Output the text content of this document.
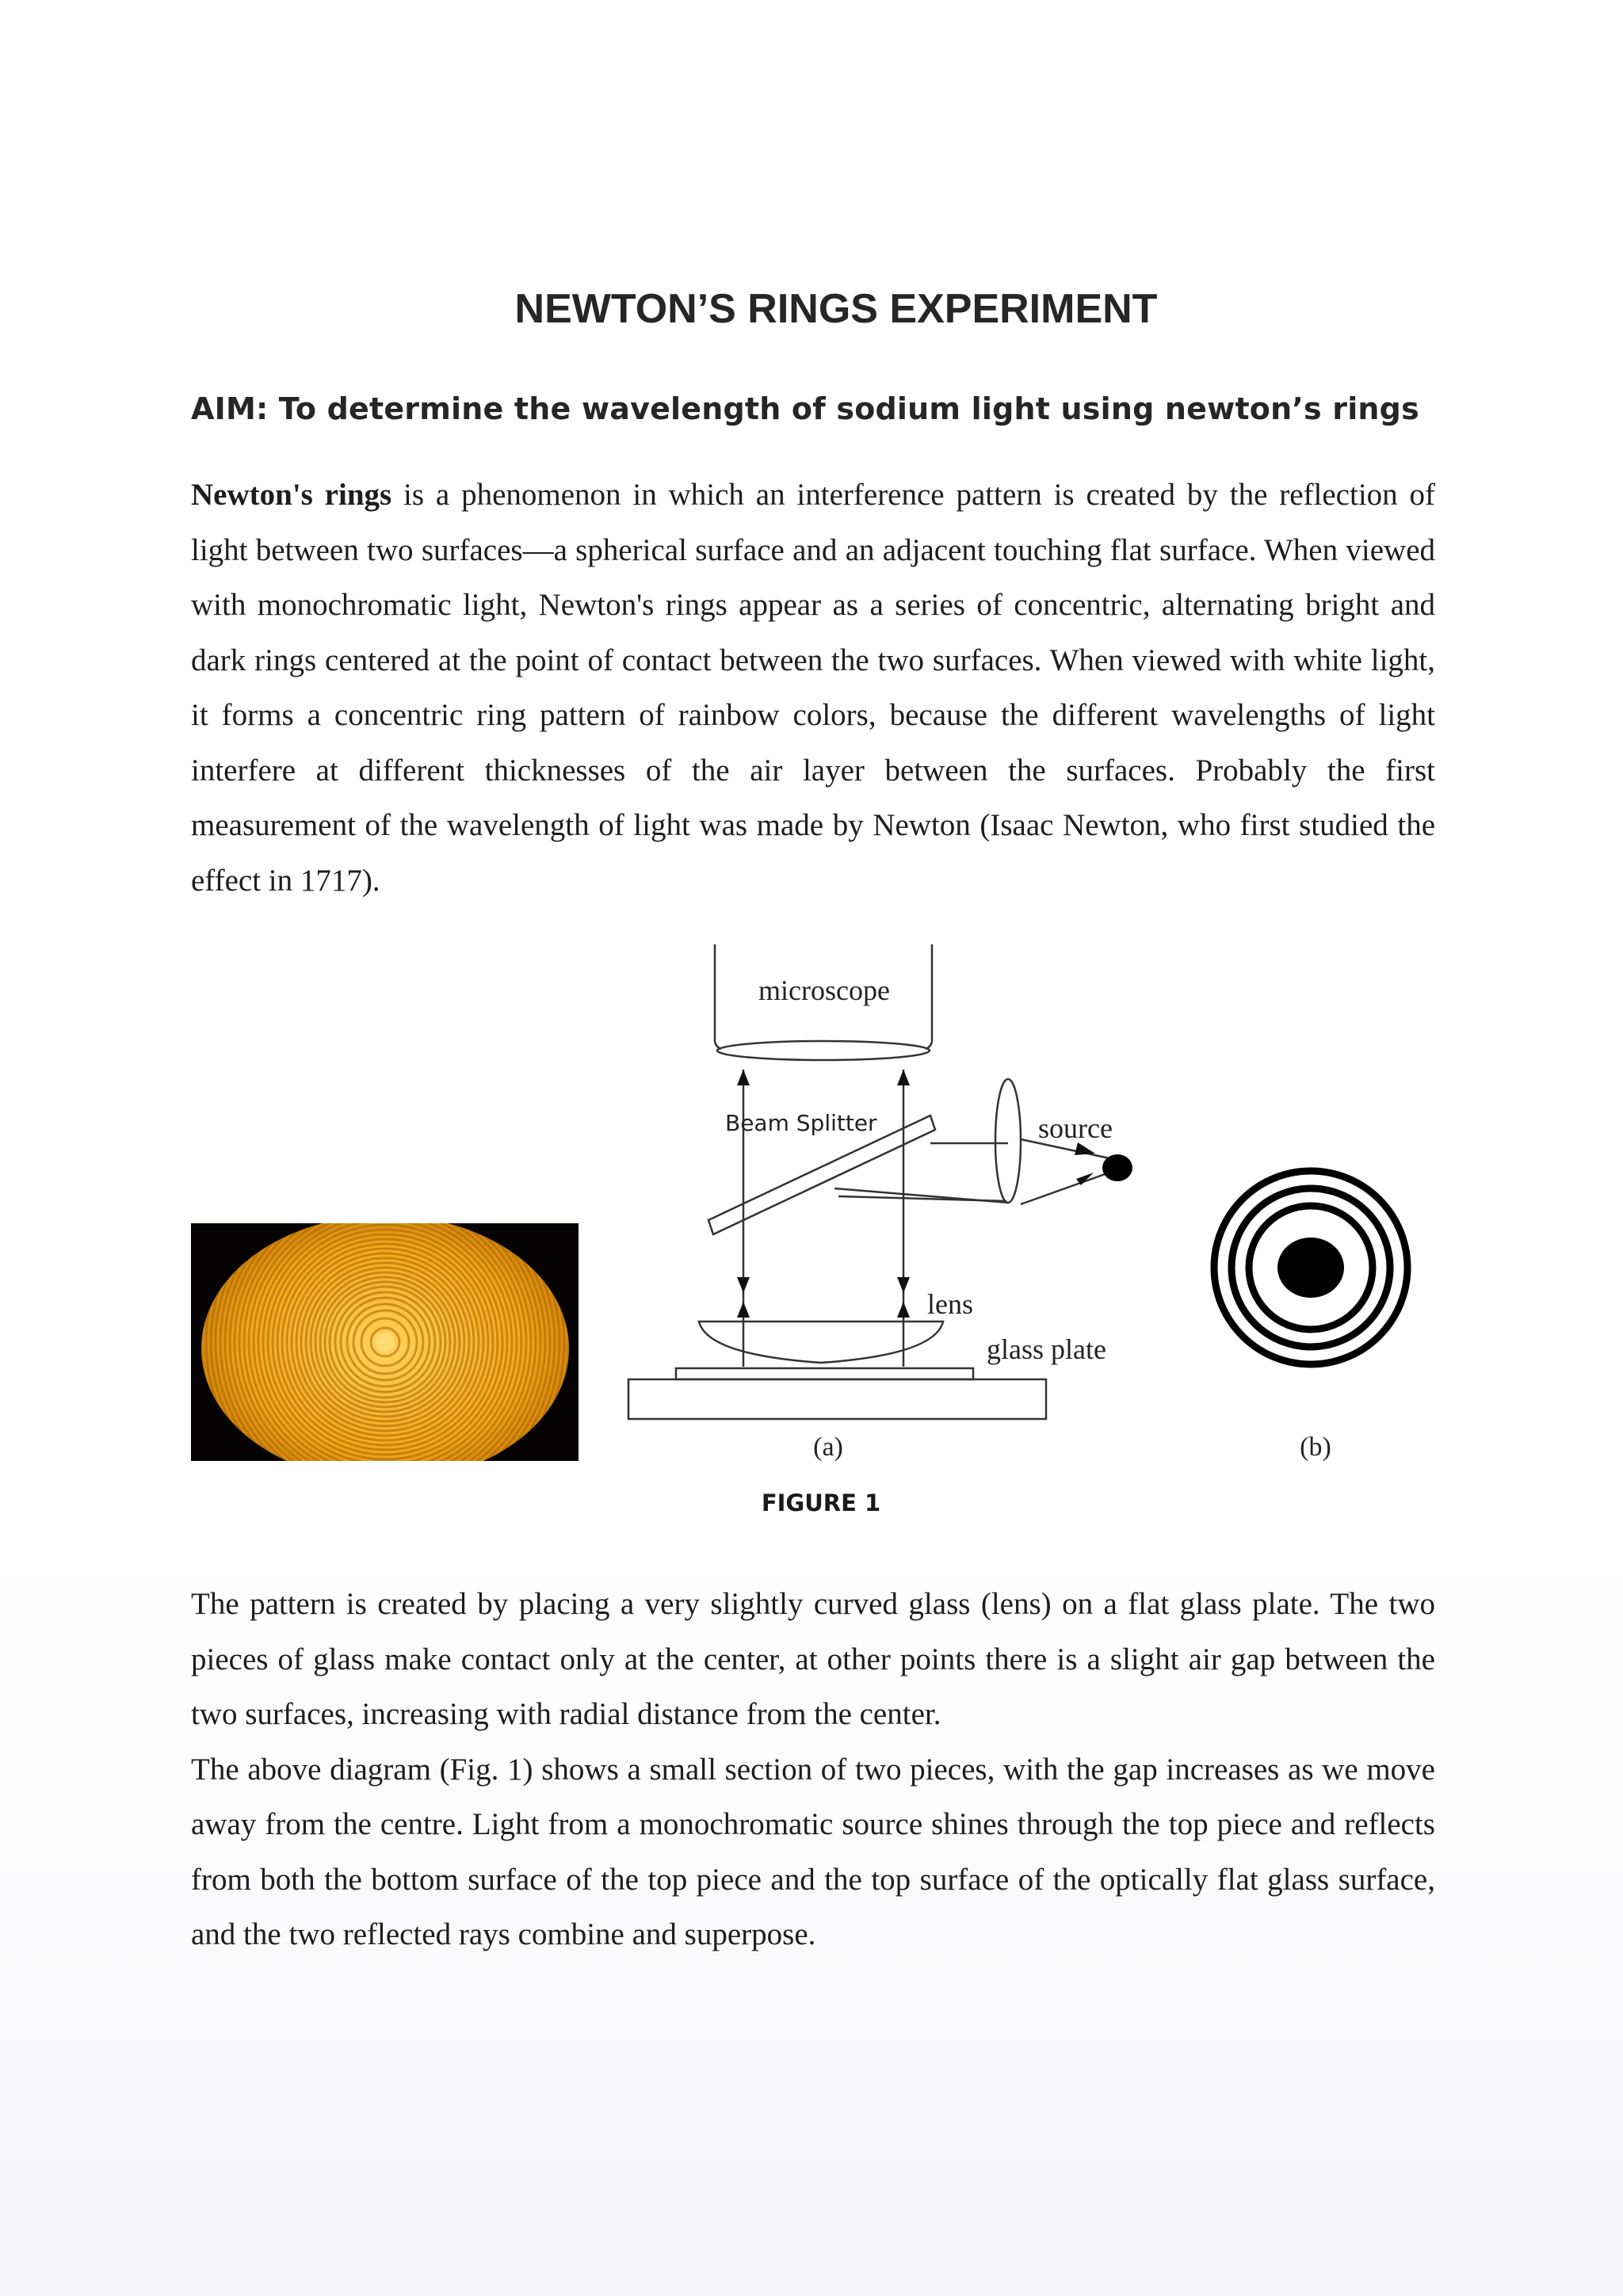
NEWTON’S RINGS EXPERIMENT
AIM: To determine the wavelength of sodium light using newton’s rings

Newton's rings is a phenomenon in which an interference pattern is created by the reflection of light between two surfaces—a spherical surface and an adjacent touching flat surface. When viewed with monochromatic light, Newton's rings appear as a series of concentric, alternating bright and dark rings centered at the point of contact between the two surfaces. When viewed with white light, it forms a concentric ring pattern of rainbow colors, because the different wavelengths of light interfere at different thicknesses of the air layer between the surfaces. Probably the first measurement of the wavelength of light was made by Newton (Isaac Newton, who first studied the effect in 1717).

microscope
Beam Splitter	source
lens
glass plate
(a)	(b)

FIGURE 1

The pattern is created by placing a very slightly curved glass (lens) on a flat glass plate. The two pieces of glass make contact only at the center, at other points there is a slight air gap between the two surfaces, increasing with radial distance from the center.
The above diagram (Fig. 1) shows a small section of two pieces, with the gap increases as we move away from the centre. Light from a monochromatic source shines through the top piece and reflects from both the bottom surface of the top piece and the top surface of the optically flat glass surface, and the two reflected rays combine and superpose.
